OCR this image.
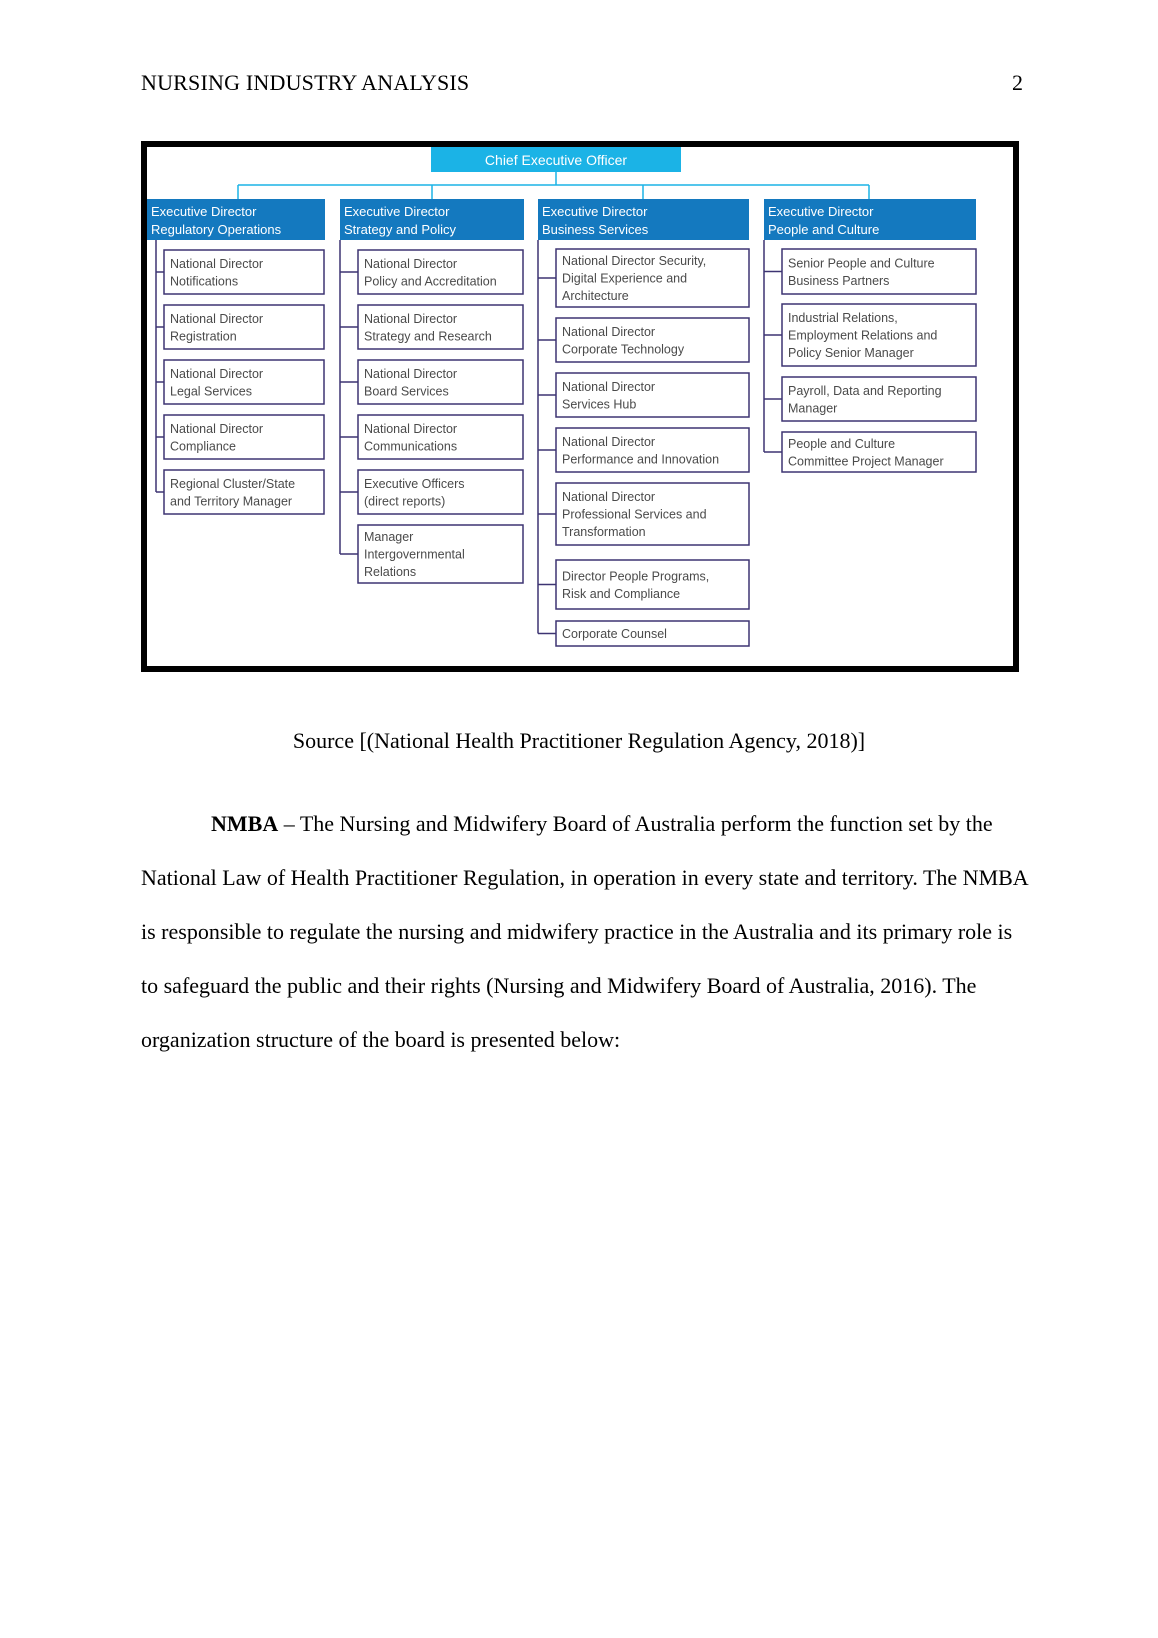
NURSING INDUSTRY ANALYSIS	2
Chief Executive Officer
Executive Director
Regulatory Operations
National Director
Notifications
National Director
Registration
National Director
Legal Services
National Director
Compliance
Regional Cluster/State
and Territory Manager
Executive Director
Strategy and Policy
National Director
Policy and Accreditation
National Director
Strategy and Research
National Director
Board Services
National Director
Communications
Executive Officers
(direct reports)
Manager
Intergovernmental
Relations
Executive Director
Business Services
National Director Security,
Digital Experience and
Architecture
National Director
Corporate Technology
National Director
Services Hub
National Director
Performance and Innovation
National Director
Professional Services and
Transformation
Director People Programs,
Risk and Compliance
Corporate Counsel
Executive Director
People and Culture
Senior People and Culture
Business Partners
Industrial Relations,
Employment Relations and
Policy Senior Manager
Payroll, Data and Reporting
Manager
People and Culture
Committee Project Manager
Source [(National Health Practitioner Regulation Agency, 2018)]

NMBA – The Nursing and Midwifery Board of Australia perform the function set by the National Law of Health Practitioner Regulation, in operation in every state and territory. The NMBA is responsible to regulate the nursing and midwifery practice in the Australia and its primary role is to safeguard the public and their rights (Nursing and Midwifery Board of Australia, 2016). The organization structure of the board is presented below:
